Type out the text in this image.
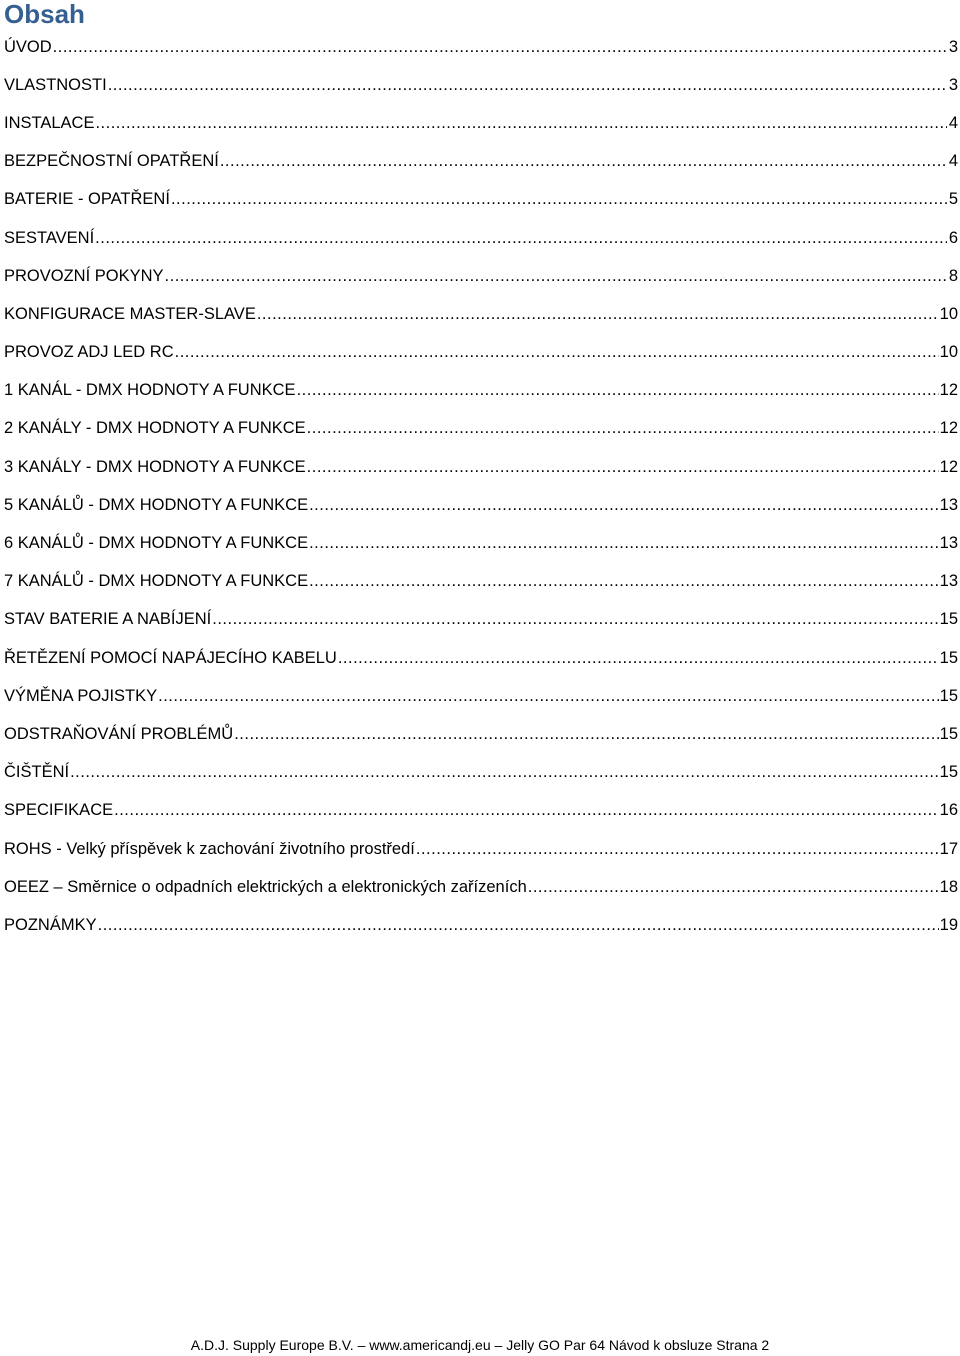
Obsah
ÚVOD .....	3
VLASTNOSTI .....	3
INSTALACE .....	4
BEZPEČNOSTNÍ OPATŘENÍ .....	4
BATERIE - OPATŘENÍ .....	5
SESTAVENÍ .....	6
PROVOZNÍ POKYNY .....	8
KONFIGURACE MASTER-SLAVE .....	10
PROVOZ ADJ LED RC .....	10
1 KANÁL - DMX HODNOTY A FUNKCE .....	12
2 KANÁLY - DMX HODNOTY A FUNKCE .....	12
3 KANÁLY - DMX HODNOTY A FUNKCE .....	12
5 KANÁLŮ - DMX HODNOTY A FUNKCE .....	13
6 KANÁLŮ - DMX HODNOTY A FUNKCE .....	13
7 KANÁLŮ - DMX HODNOTY A FUNKCE .....	13
STAV BATERIE A NABÍJENÍ .....	15
ŘETĚZENÍ POMOCÍ NAPÁJECÍHO KABELU .....	15
VÝMĚNA POJISTKY .....	15
ODSTRAŇOVÁNÍ PROBLÉMŮ .....	15
ČIŠTĚNÍ .....	15
SPECIFIKACE .....	16
ROHS - Velký příspěvek k zachování životního prostředí .....	17
OEEZ – Směrnice o odpadních elektrických a elektronických zařízeních .....	18
POZNÁMKY .....	19
A.D.J. Supply Europe B.V. – www.americandj.eu – Jelly GO Par 64 Návod k obsluze Strana 2
